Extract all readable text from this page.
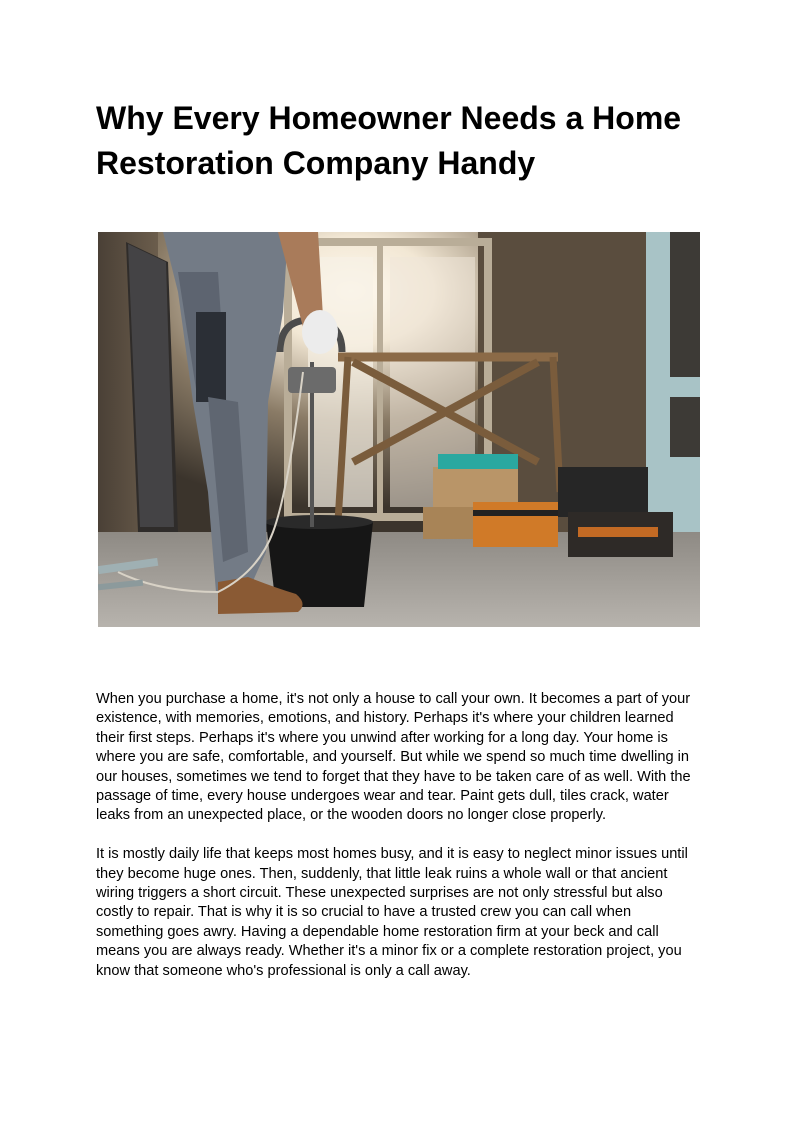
Why Every Homeowner Needs a Home Restoration Company Handy

When you purchase a home, it's not only a house to call your own. It becomes a part of your existence, with memories, emotions, and history. Perhaps it's where your children learned their first steps. Perhaps it's where you unwind after working for a long day. Your home is where you are safe, comfortable, and yourself. But while we spend so much time dwelling in our houses, sometimes we tend to forget that they have to be taken care of as well. With the passage of time, every house undergoes wear and tear. Paint gets dull, tiles crack, water leaks from an unexpected place, or the wooden doors no longer close properly.

It is mostly daily life that keeps most homes busy, and it is easy to neglect minor issues until they become huge ones. Then, suddenly, that little leak ruins a whole wall or that ancient wiring triggers a short circuit. These unexpected surprises are not only stressful but also costly to repair. That is why it is so crucial to have a trusted crew you can call when something goes awry. Having a dependable home restoration firm at your beck and call means you are always ready. Whether it's a minor fix or a complete restoration project, you know that someone who's professional is only a call away.
